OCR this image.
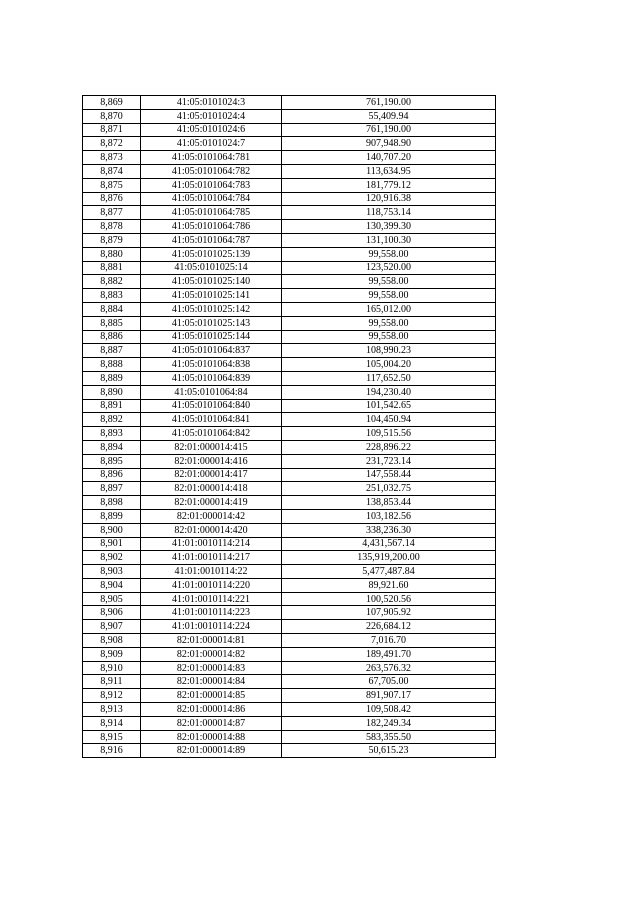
8,869	41:05:0101024:3	761,190.00
8,870	41:05:0101024:4	55,409.94
8,871	41:05:0101024:6	761,190.00
8,872	41:05:0101024:7	907,948.90
8,873	41:05:0101064:781	140,707.20
8,874	41:05:0101064:782	113,634.95
8,875	41:05:0101064:783	181,779.12
8,876	41:05:0101064:784	120,916.38
8,877	41:05:0101064:785	118,753.14
8,878	41:05:0101064:786	130,399.30
8,879	41:05:0101064:787	131,100.30
8,880	41:05:0101025:139	99,558.00
8,881	41:05:0101025:14	123,520.00
8,882	41:05:0101025:140	99,558.00
8,883	41:05:0101025:141	99,558.00
8,884	41:05:0101025:142	165,012.00
8,885	41:05:0101025:143	99,558.00
8,886	41:05:0101025:144	99,558.00
8,887	41:05:0101064:837	108,990.23
8,888	41:05:0101064:838	105,004.20
8,889	41:05:0101064:839	117,652.50
8,890	41:05:0101064:84	194,230.40
8,891	41:05:0101064:840	101,542.65
8,892	41:05:0101064:841	104,450.94
8,893	41:05:0101064:842	109,515.56
8,894	82:01:000014:415	228,896.22
8,895	82:01:000014:416	231,723.14
8,896	82:01:000014:417	147,558.44
8,897	82:01:000014:418	251,032.75
8,898	82:01:000014:419	138,853.44
8,899	82:01:000014:42	103,182.56
8,900	82:01:000014:420	338,236.30
8,901	41:01:0010114:214	4,431,567.14
8,902	41:01:0010114:217	135,919,200.00
8,903	41:01:0010114:22	5,477,487.84
8,904	41:01:0010114:220	89,921.60
8,905	41:01:0010114:221	100,520.56
8,906	41:01:0010114:223	107,905.92
8,907	41:01:0010114:224	226,684.12
8,908	82:01:000014:81	7,016.70
8,909	82:01:000014:82	189,491.70
8,910	82:01:000014:83	263,576.32
8,911	82:01:000014:84	67,705.00
8,912	82:01:000014:85	891,907.17
8,913	82:01:000014:86	109,508.42
8,914	82:01:000014:87	182,249.34
8,915	82:01:000014:88	583,355.50
8,916	82:01:000014:89	50,615.23
